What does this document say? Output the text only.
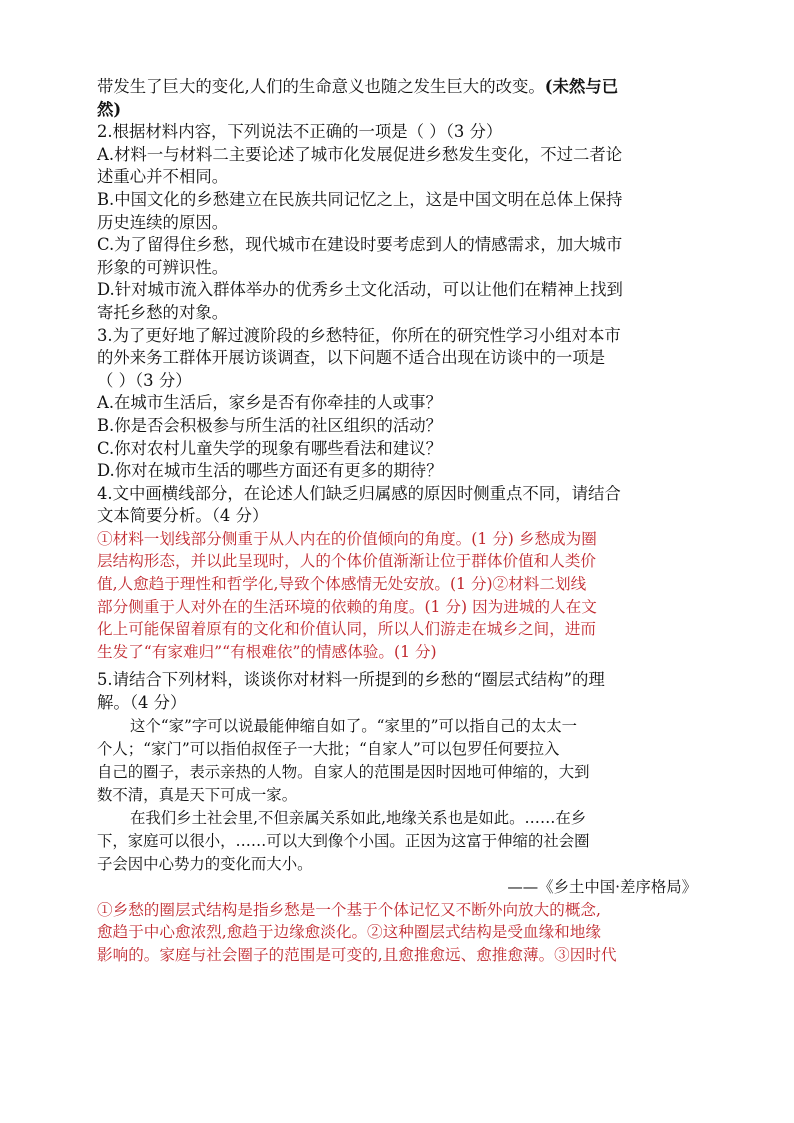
带发生了巨大的变化,人们的生命意义也随之发生巨大的改变。(未然与已
然)
2.根据材料内容，下列说法不正确的一项是（ ）（3 分）
A.材料一与材料二主要论述了城市化发展促进乡愁发生变化，不过二者论
述重心并不相同。
B.中国文化的乡愁建立在民族共同记忆之上，这是中国文明在总体上保持
历史连续的原因。
C.为了留得住乡愁，现代城市在建设时要考虑到人的情感需求，加大城市
形象的可辨识性。
D.针对城市流入群体举办的优秀乡土文化活动，可以让他们在精神上找到
寄托乡愁的对象。
3.为了更好地了解过渡阶段的乡愁特征，你所在的研究性学习小组对本市
的外来务工群体开展访谈调查，以下问题不适合出现在访谈中的一项是
（ ）（3 分）
A.在城市生活后，家乡是否有你牵挂的人或事？
B.你是否会积极参与所生活的社区组织的活动？
C.你对农村儿童失学的现象有哪些看法和建议？
D.你对在城市生活的哪些方面还有更多的期待？
4.文中画横线部分，在论述人们缺乏归属感的原因时侧重点不同，请结合
文本简要分析。（4 分）
①材料一划线部分侧重于从人内在的价值倾向的角度。(1 分) 乡愁成为圈
层结构形态，并以此呈现时，人的个体价值渐渐让位于群体价值和人类价
值,人愈趋于理性和哲学化,导致个体感情无处安放。(1 分)②材料二划线
部分侧重于人对外在的生活环境的依赖的角度。(1 分) 因为进城的人在文
化上可能保留着原有的文化和价值认同，所以人们游走在城乡之间，进而
生发了“有家难归”“有根难依”的情感体验。(1 分)
5.请结合下列材料，谈谈你对材料一所提到的乡愁的“圈层式结构”的理
解。（4 分）
这个“家”字可以说最能伸缩自如了。“家里的”可以指自己的太太一
个人；“家门”可以指伯叔侄子一大批；“自家人”可以包罗任何要拉入
自己的圈子，表示亲热的人物。自家人的范围是因时因地可伸缩的，大到
数不清，真是天下可成一家。
在我们乡土社会里,不但亲属关系如此,地缘关系也是如此。……在乡
下，家庭可以很小，……可以大到像个小国。正因为这富于伸缩的社会圈
子会因中心势力的变化而大小。
——《乡土中国·差序格局》
①乡愁的圈层式结构是指乡愁是一个基于个体记忆又不断外向放大的概念,
愈趋于中心愈浓烈,愈趋于边缘愈淡化。②这种圈层式结构是受血缘和地缘
影响的。家庭与社会圈子的范围是可变的,且愈推愈远、愈推愈薄。③因时代
